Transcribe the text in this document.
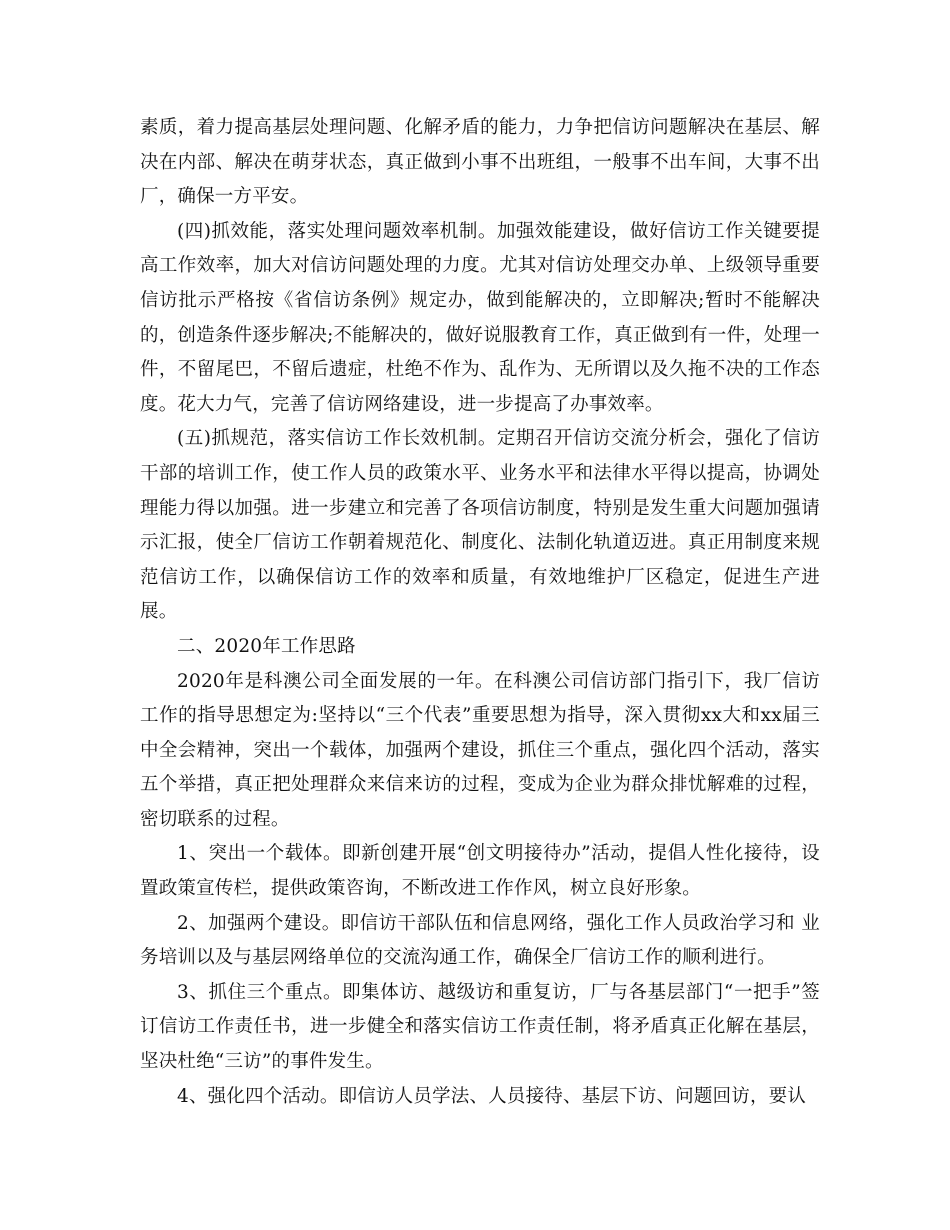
素质，着力提高基层处理问题、化解矛盾的能力，力争把信访问题解决在基层、解决在内部、解决在萌芽状态，真正做到小事不出班组，一般事不出车间，大事不出厂，确保一方平安。

(四)抓效能，落实处理问题效率机制。加强效能建设，做好信访工作关键要提高工作效率，加大对信访问题处理的力度。尤其对信访处理交办单、上级领导重要信访批示严格按《省信访条例》规定办，做到能解决的，立即解决;暂时不能解决的，创造条件逐步解决;不能解决的，做好说服教育工作，真正做到有一件，处理一件，不留尾巴，不留后遗症，杜绝不作为、乱作为、无所谓以及久拖不决的工作态度。花大力气，完善了信访网络建设，进一步提高了办事效率。

(五)抓规范，落实信访工作长效机制。定期召开信访交流分析会，强化了信访干部的培训工作，使工作人员的政策水平、业务水平和法律水平得以提高，协调处理能力得以加强。进一步建立和完善了各项信访制度，特别是发生重大问题加强请示汇报，使全厂信访工作朝着规范化、制度化、法制化轨道迈进。真正用制度来规范信访工作，以确保信访工作的效率和质量，有效地维护厂区稳定，促进生产进展。

二、2020年工作思路

2020年是科澳公司全面发展的一年。在科澳公司信访部门指引下，我厂信访工作的指导思想定为:坚持以“三个代表”重要思想为指导，深入贯彻xx大和xx届三中全会精神，突出一个载体，加强两个建设，抓住三个重点，强化四个活动，落实五个举措，真正把处理群众来信来访的过程，变成为企业为群众排忧解难的过程，密切联系的过程。

1、突出一个载体。即新创建开展“创文明接待办”活动，提倡人性化接待，设置政策宣传栏，提供政策咨询，不断改进工作作风，树立良好形象。

2、加强两个建设。即信访干部队伍和信息网络，强化工作人员政治学习和 业务培训以及与基层网络单位的交流沟通工作，确保全厂信访工作的顺利进行。

3、抓住三个重点。即集体访、越级访和重复访，厂与各基层部门“一把手”签订信访工作责任书，进一步健全和落实信访工作责任制，将矛盾真正化解在基层，坚决杜绝“三访”的事件发生。

4、强化四个活动。即信访人员学法、人员接待、基层下访、问题回访，要认
